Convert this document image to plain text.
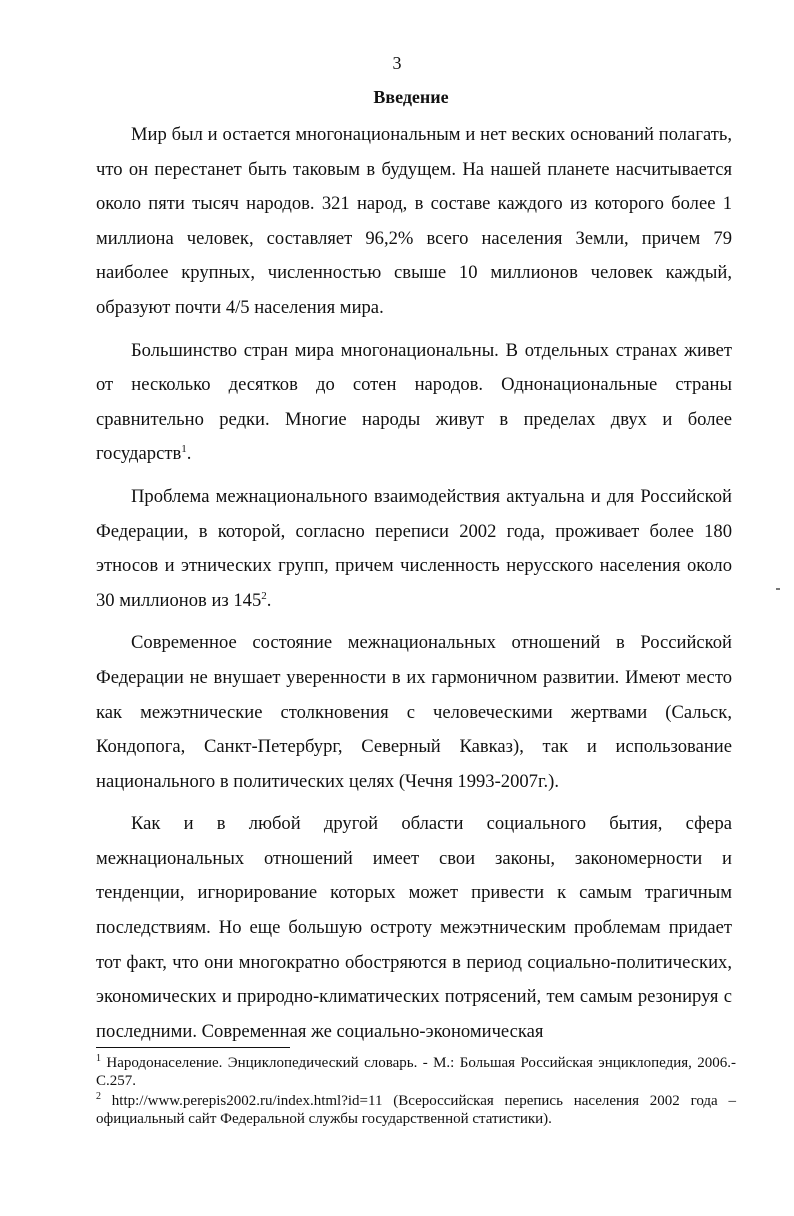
3
Введение

Мир был и остается многонациональным и нет веских оснований полагать, что он перестанет быть таковым в будущем. На нашей планете насчитывается около пяти тысяч народов. 321 народ, в составе каждого из которого более 1 миллиона человек, составляет 96,2% всего населения Земли, причем 79 наиболее крупных, численностью свыше 10 миллионов человек каждый, образуют почти 4/5 населения мира.

Большинство стран мира многонациональны. В отдельных странах живет от несколько десятков до сотен народов. Однонациональные страны сравнительно редки. Многие народы живут в пределах двух и более государств$^1$.

Проблема межнационального взаимодействия актуальна и для Российской Федерации, в которой, согласно переписи 2002 года, проживает более 180 этносов и этнических групп, причем численность нерусского населения около 30 миллионов из $145^2$.

Современное состояние межнациональных отношений в Российской Федерации не внушает уверенности в их гармоничном развитии. Имеют место как межэтнические столкновения с человеческими жертвами (Сальск, Кондопога, Санкт-Петербург, Северный Кавказ), так и использование национального в политических целях (Чечня 1993-2007г.).

Как и в любой другой области социального бытия, сфера межнациональных отношений имеет свои законы, закономерности и тенденции, игнорирование которых может привести к самым трагичным последствиям. Но еще большую остроту межэтническим проблемам придает тот факт, что они многократно обостряются в период социально-политических, экономических и природно-климатических потрясений, тем самым резонируя с последними. Современная же социально-экономическая

$^1$ Народонаселение. Энциклопедический словарь. - М.: Большая Российская энциклопедия, 2006.-С.257.
$^2$ http://www.perepis2002.ru/index.html?id=11 (Всероссийская перепись населения 2002 года – официальный сайт Федеральной службы государственной статистики).
